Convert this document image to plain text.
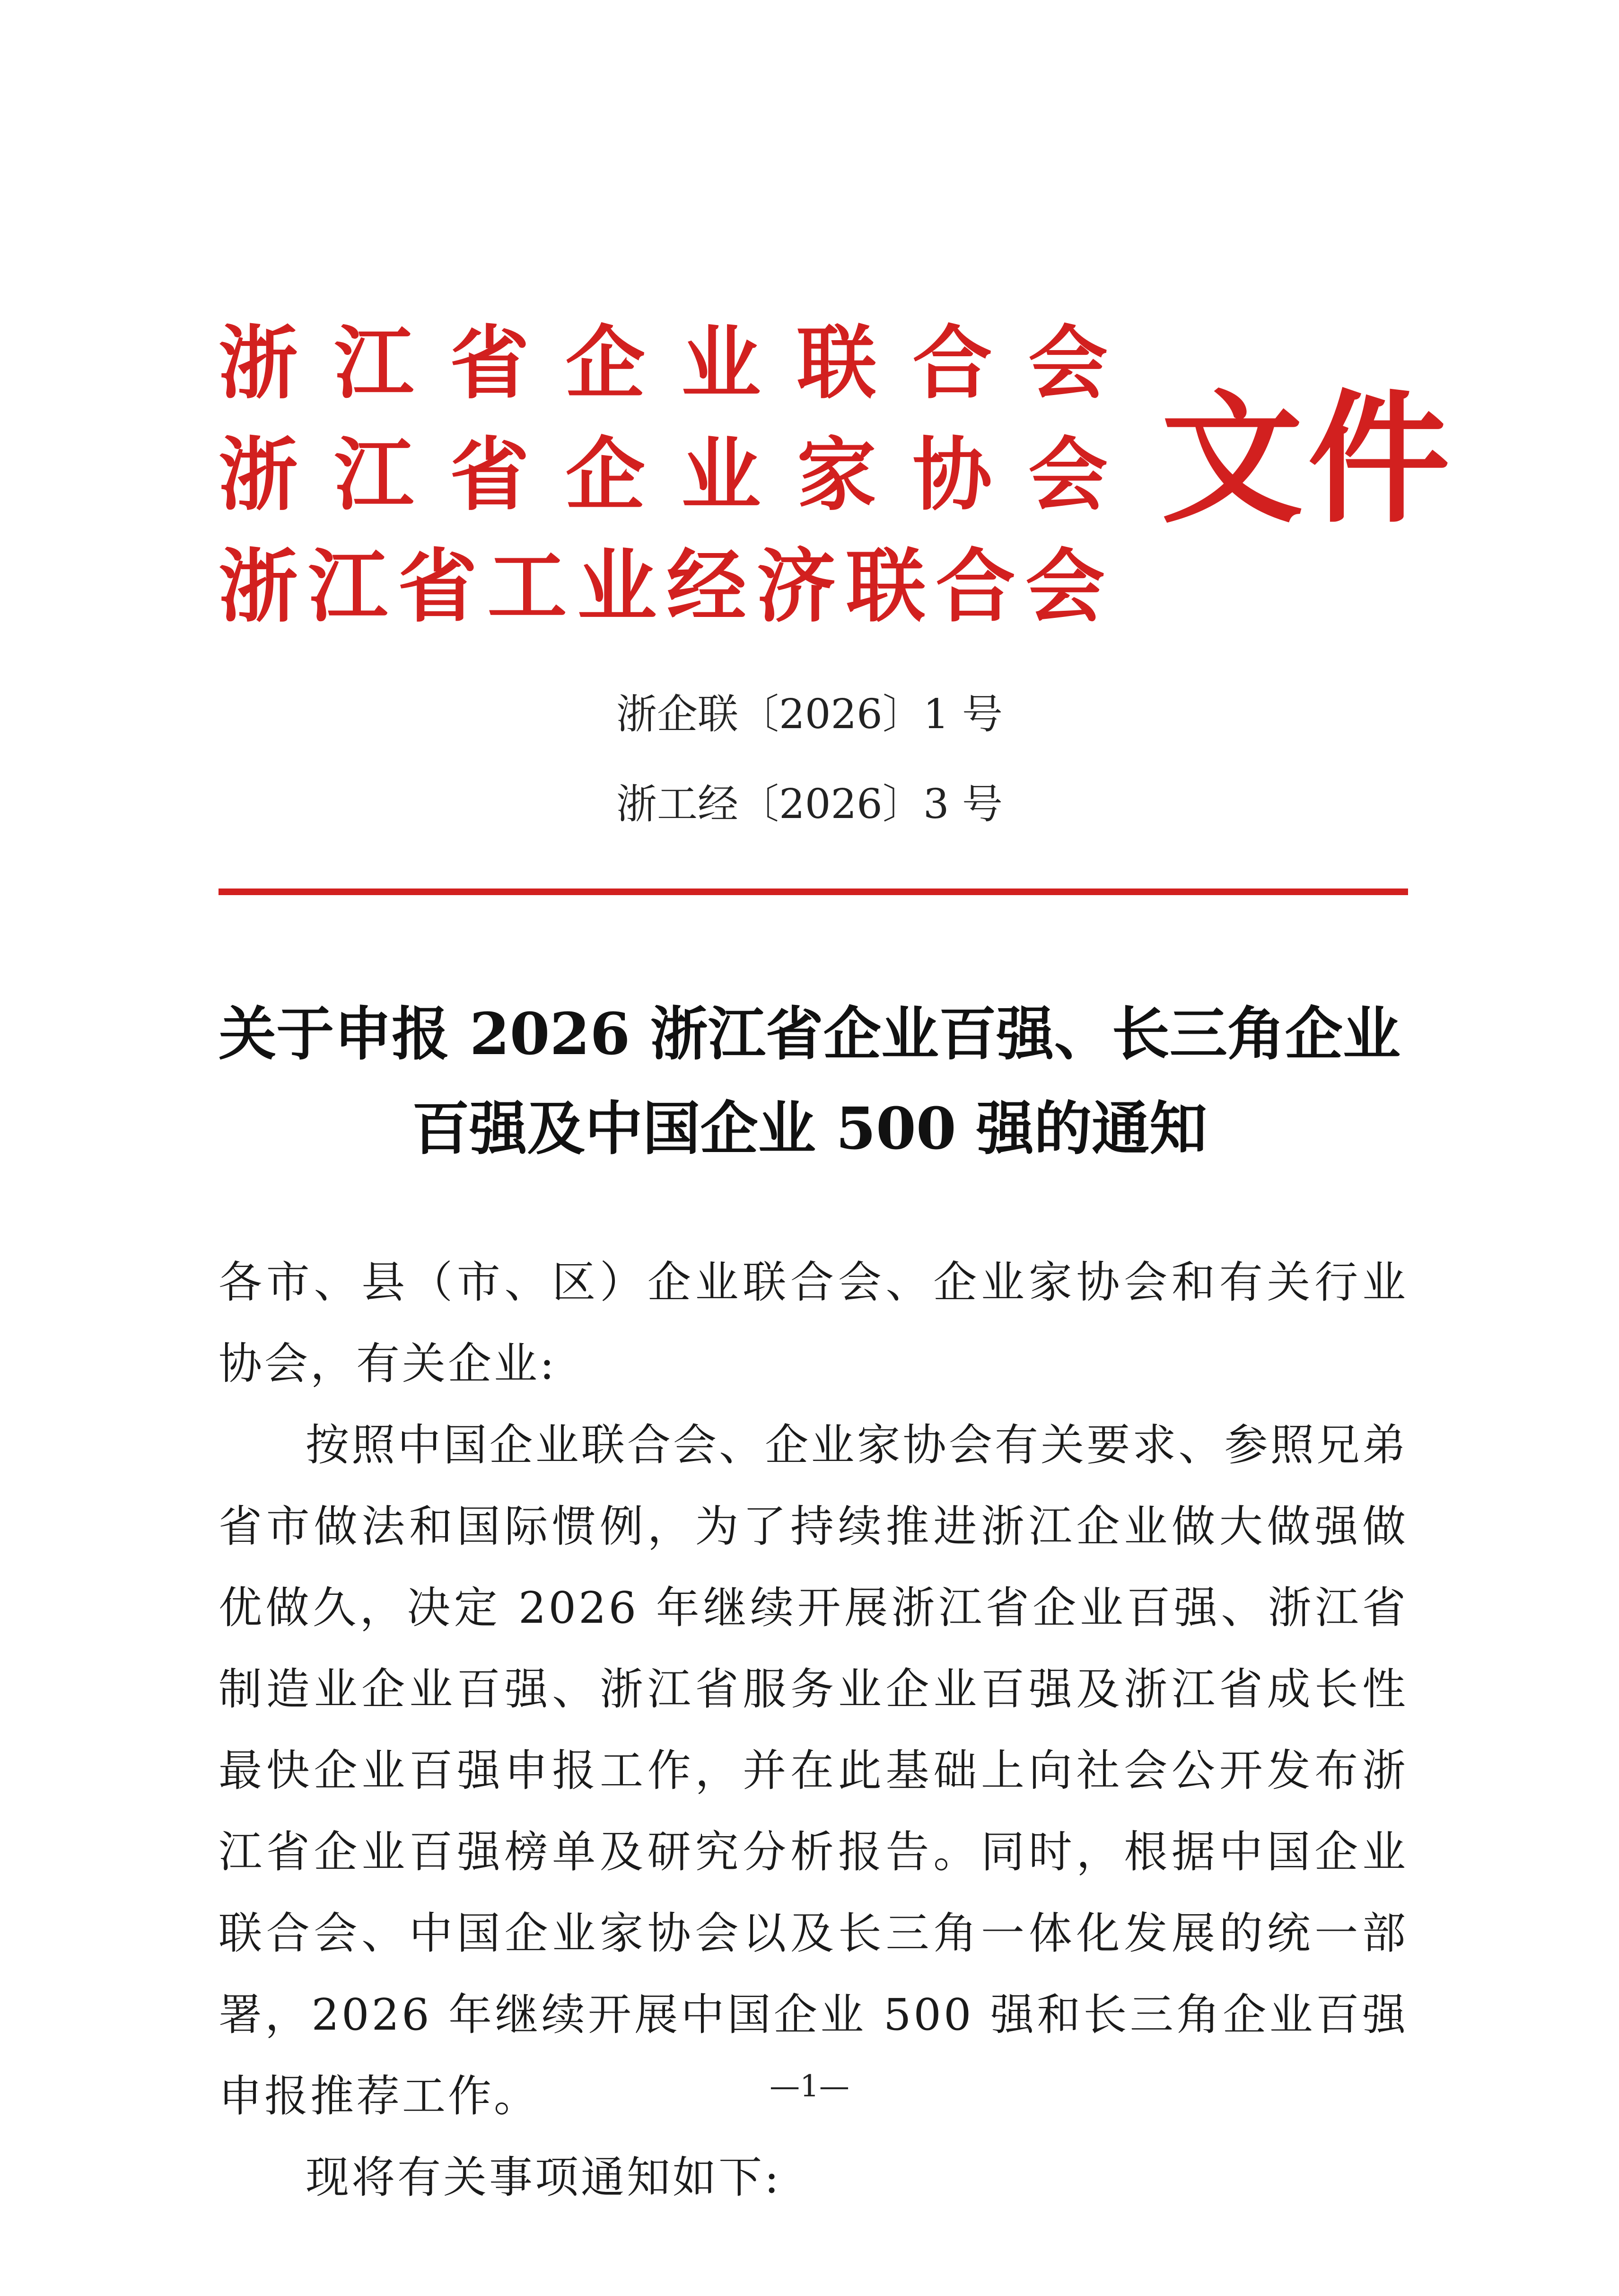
浙 江 省 企 业 联 合 会
浙 江 省 企 业 家 协 会
浙江省工业经济联合会
文件
浙企联〔2026〕1 号
浙工经〔2026〕3 号
关于申报 2026 浙江省企业百强、长三角企业
百强及中国企业 500 强的通知

各市、县（市、区）企业联合会、企业家协会和有关行业协会，有关企业:

按照中国企业联合会、企业家协会有关要求、参照兄弟省市做法和国际惯例，为了持续推进浙江企业做大做强做优做久，决定 2026 年继续开展浙江省企业百强、浙江省制造业企业百强、浙江省服务业企业百强及浙江省成长性最快企业百强申报工作，并在此基础上向社会公开发布浙江省企业百强榜单及研究分析报告。同时，根据中国企业联合会、中国企业家协会以及长三角一体化发展的统一部署，2026 年继续开展中国企业 500 强和长三角企业百强申报推荐工作。

现将有关事项通知如下:

—1—
